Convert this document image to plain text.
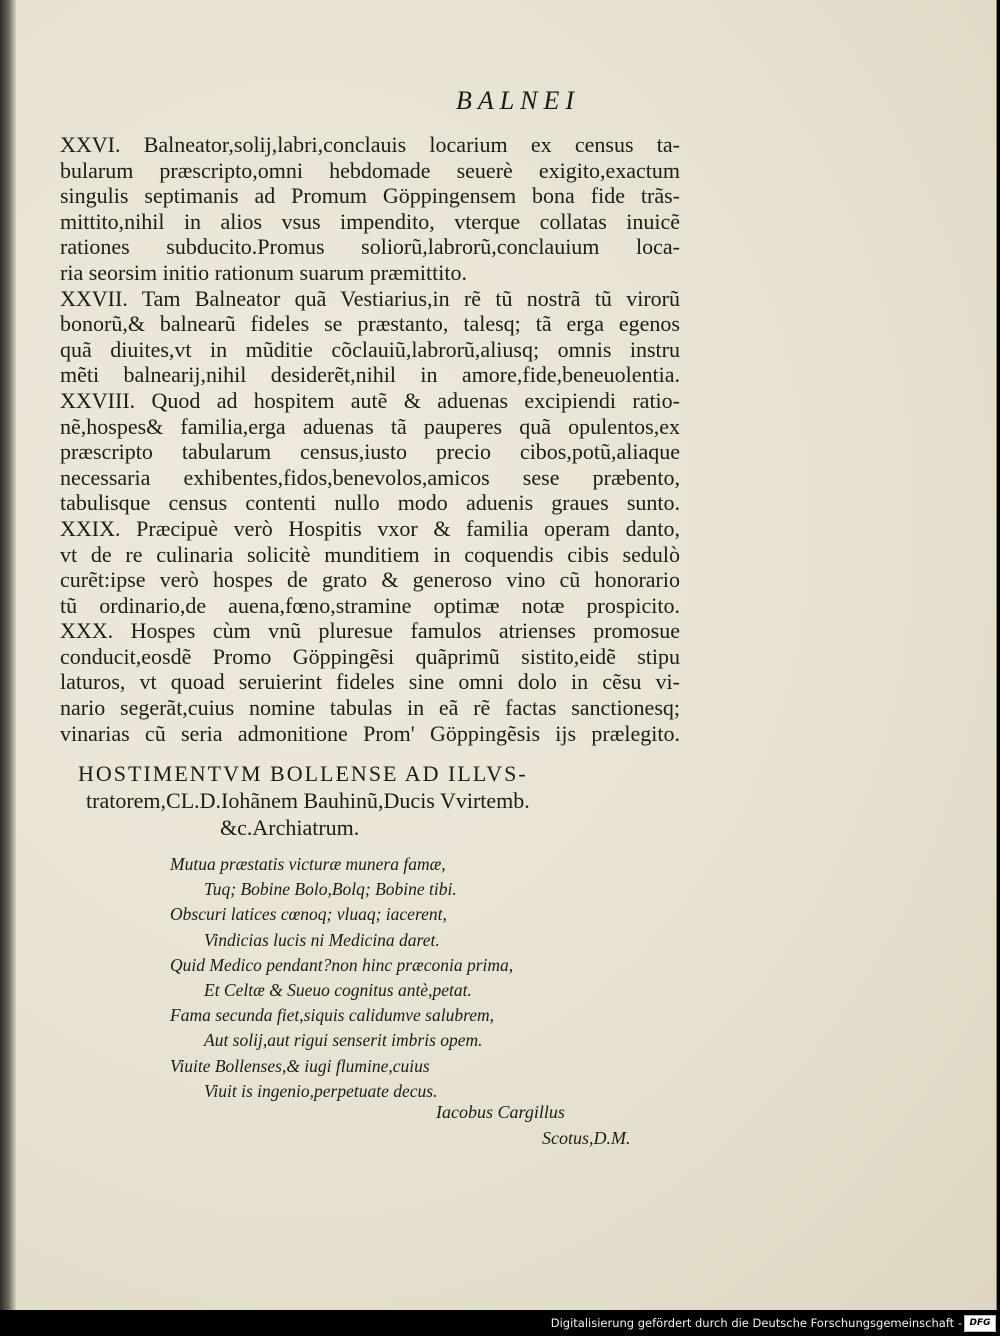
BALNEI
XXVI. Balneator,solij,labri,conclauis locarium ex census ta-
bularum præscripto,omni hebdomade seuerè exigito,exactum
singulis septimanis ad Promum Göppingensem bona fide trãs-
mittito,nihil in alios vsus impendito, vterque collatas inuicẽ
rationes subducito.Promus soliorũ,labrorũ,conclauium loca-
ria seorsim initio rationum suarum præmittito.
XXVII. Tam Balneator quã Vestiarius,in rẽ tũ nostrã tũ virorũ
bonorũ,& balnearũ fideles se præstanto, talesq; tã erga egenos
quã diuites,vt in mũditie cõclauiũ,labrorũ,aliusq; omnis instru
mẽti balnearij,nihil desiderẽt,nihil in amore,fide,beneuolentia.
XXVIII. Quod ad hospitem autẽ & aduenas excipiendi ratio-
nẽ,hospes& familia,erga aduenas tã pauperes quã opulentos,ex
præscripto tabularum census,iusto precio cibos,potũ,aliaque
necessaria exhibentes,fidos,benevolos,amicos sese præbento,
tabulisque census contenti nullo modo aduenis graues sunto.
XXIX. Præcipuè verò Hospitis vxor & familia operam danto,
vt de re culinaria solicitè munditiem in coquendis cibis sedulò
curẽt:ipse verò hospes de grato & generoso vino cũ honorario
tũ ordinario,de auena,fœno,stramine optimæ notæ prospicito.
XXX. Hospes cùm vnũ pluresue famulos atrienses promosue
conducit,eosdẽ Promo Göppingẽsi quãprimũ sistito,eidẽ stipu
laturos, vt quoad seruierint fideles sine omni dolo in cẽsu vi-
nario segerãt,cuius nomine tabulas in eã rẽ factas sanctionesq;
vinarias cũ seria admonitione Prom' Göppingẽsis ijs prælegito.
HOSTIMENTVM BOLLENSE AD ILLVS-
tratorem,CL.D.Iohãnem Bauhinũ,Ducis Vvirtemb.
&c.Archiatrum.
Mutua præstatis victuræ munera famæ,
Tuq; Bobine Bolo,Bolq; Bobine tibi.
Obscuri latices cœnoq; vluaq; iacerent,
Vindicias lucis ni Medicina daret.
Quid Medico pendant?non hinc præconia prima,
Et Celtæ & Sueuo cognitus antè,petat.
Fama secunda fiet,siquis calidumve salubrem,
Aut solij,aut rigui senserit imbris opem.
Viuite Bollenses,& iugi flumine,cuius
Viuit is ingenio,perpetuate decus.
Iacobus Cargillus
Scotus,D.M.
Digitalisierung gefördert durch die Deutsche Forschungsgemeinschaft - DFG
